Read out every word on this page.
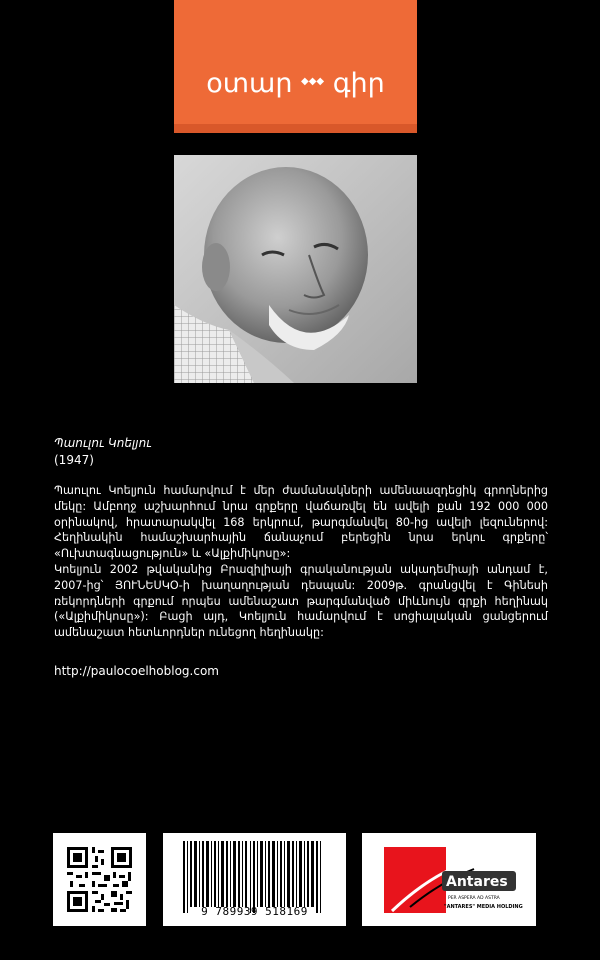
օտար ◆◆◆ գիր
Պաուլու Կոելյու
(1947)

Պաուլու Կոելյուն համարվում է մեր ժամանակների ամենաազդեցիկ գրողներից մեկը: Ամբողջ աշխարհում նրա գրքերը վաճառվել են ավելի քան 192 000 000 օրինակով, հրատարակվել 168 երկրում, թարգմանվել 80-ից ավելի լեզուներով: Հեղինակին համաշխարհային ճանաչում բերեցին նրա երկու գրքերը՝ «Ուխտագնացություն» և «Ալքիմիկոսը»:

Կոելյուն 2002 թվականից Բրազիլիայի գրականության ակադեմիայի անդամ է, 2007-ից՝ ՅՈՒՆԵՍԿՕ-ի խաղաղության դեսպան: 2009թ. գրանցվել է Գինեսի ռեկորդների գրքում որպես ամենաշատ թարգմանված միևնույն գրքի հեղինակ («Ալքիմիկոսը»): Բացի այդ, Կոելյուն համարվում է սոցիալական ցանցերում ամենաշատ հետևորդներ ունեցող հեղինակը:

http://paulocoelhoblog.com
9 789939 518169
Antares
PER ASPERA AD ASTRA
"ANTARES" MEDIA HOLDING
